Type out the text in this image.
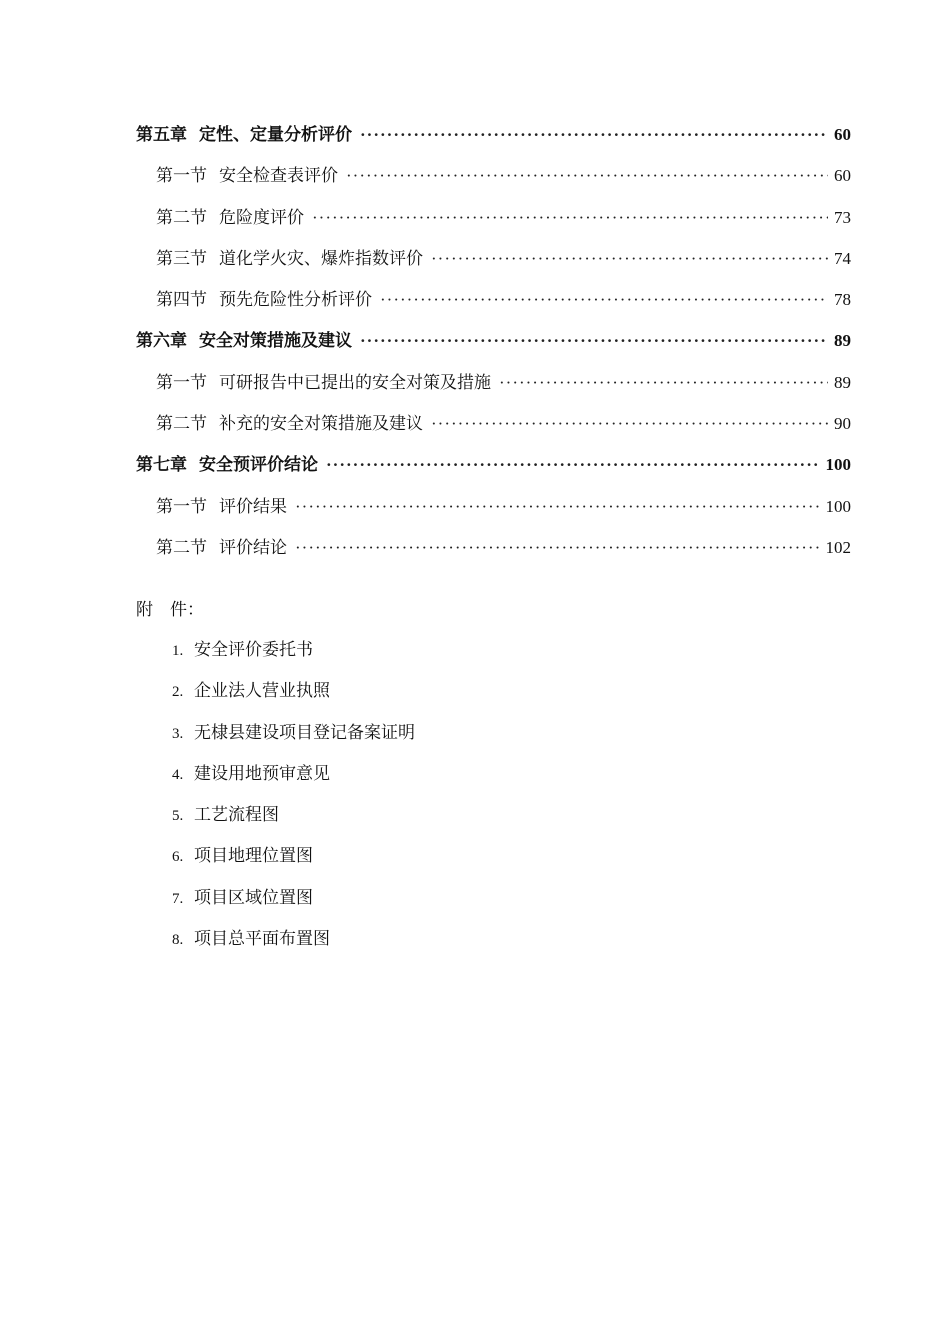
第五章 定性、定量分析评价 ·····	60
第一节 安全检查表评价 ·····	60
第二节 危险度评价 ·····	73
第三节 道化学火灾、爆炸指数评价 ·····	74
第四节 预先危险性分析评价 ·····	78
第六章 安全对策措施及建议 ·····	89
第一节 可研报告中已提出的安全对策及措施 ·····	89
第二节 补充的安全对策措施及建议 ·····	90
第七章 安全预评价结论 ·····	100
第一节 评价结果 ·····	100
第二节 评价结论 ·····	102
附　件：
1. 安全评价委托书
2. 企业法人营业执照
3. 无棣县建设项目登记备案证明
4. 建设用地预审意见
5. 工艺流程图
6. 项目地理位置图
7. 项目区域位置图
8. 项目总平面布置图
